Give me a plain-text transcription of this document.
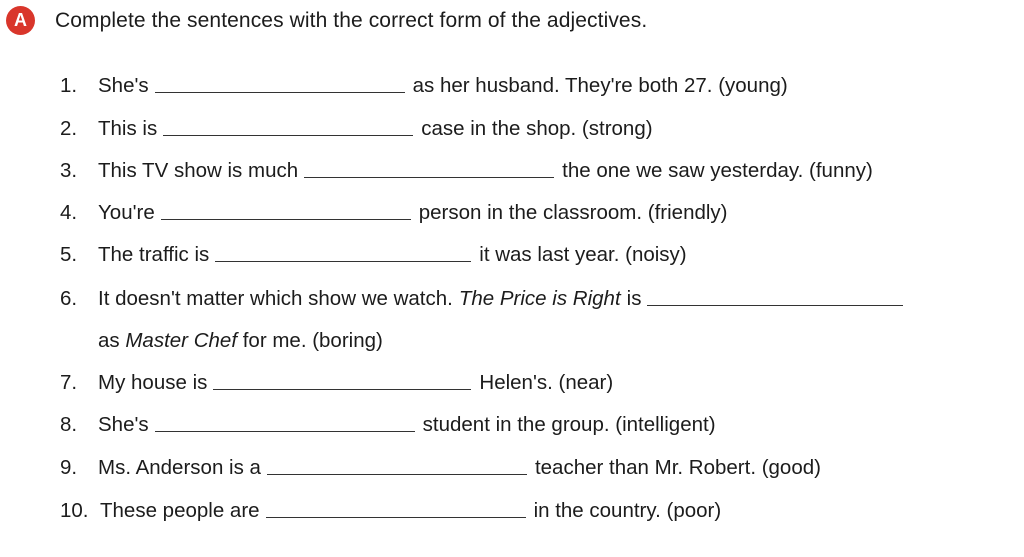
A	Complete the sentences with the correct form of the adjectives.
1.	She's	as her husband. They're both 27. (young)
2.	This is	case in the shop. (strong)
3.	This TV show is much	the one we saw yesterday. (funny)
4.	You're	person in the classroom. (friendly)
5.	The traffic is	it was last year. (noisy)
6.	It doesn't matter which show we watch. The Price is Right is
as Master Chef for me. (boring)
7.	My house is	Helen's. (near)
8.	She's	student in the group. (intelligent)
9.	Ms. Anderson is a	teacher than Mr. Robert. (good)
10. These people are	in the country. (poor)
